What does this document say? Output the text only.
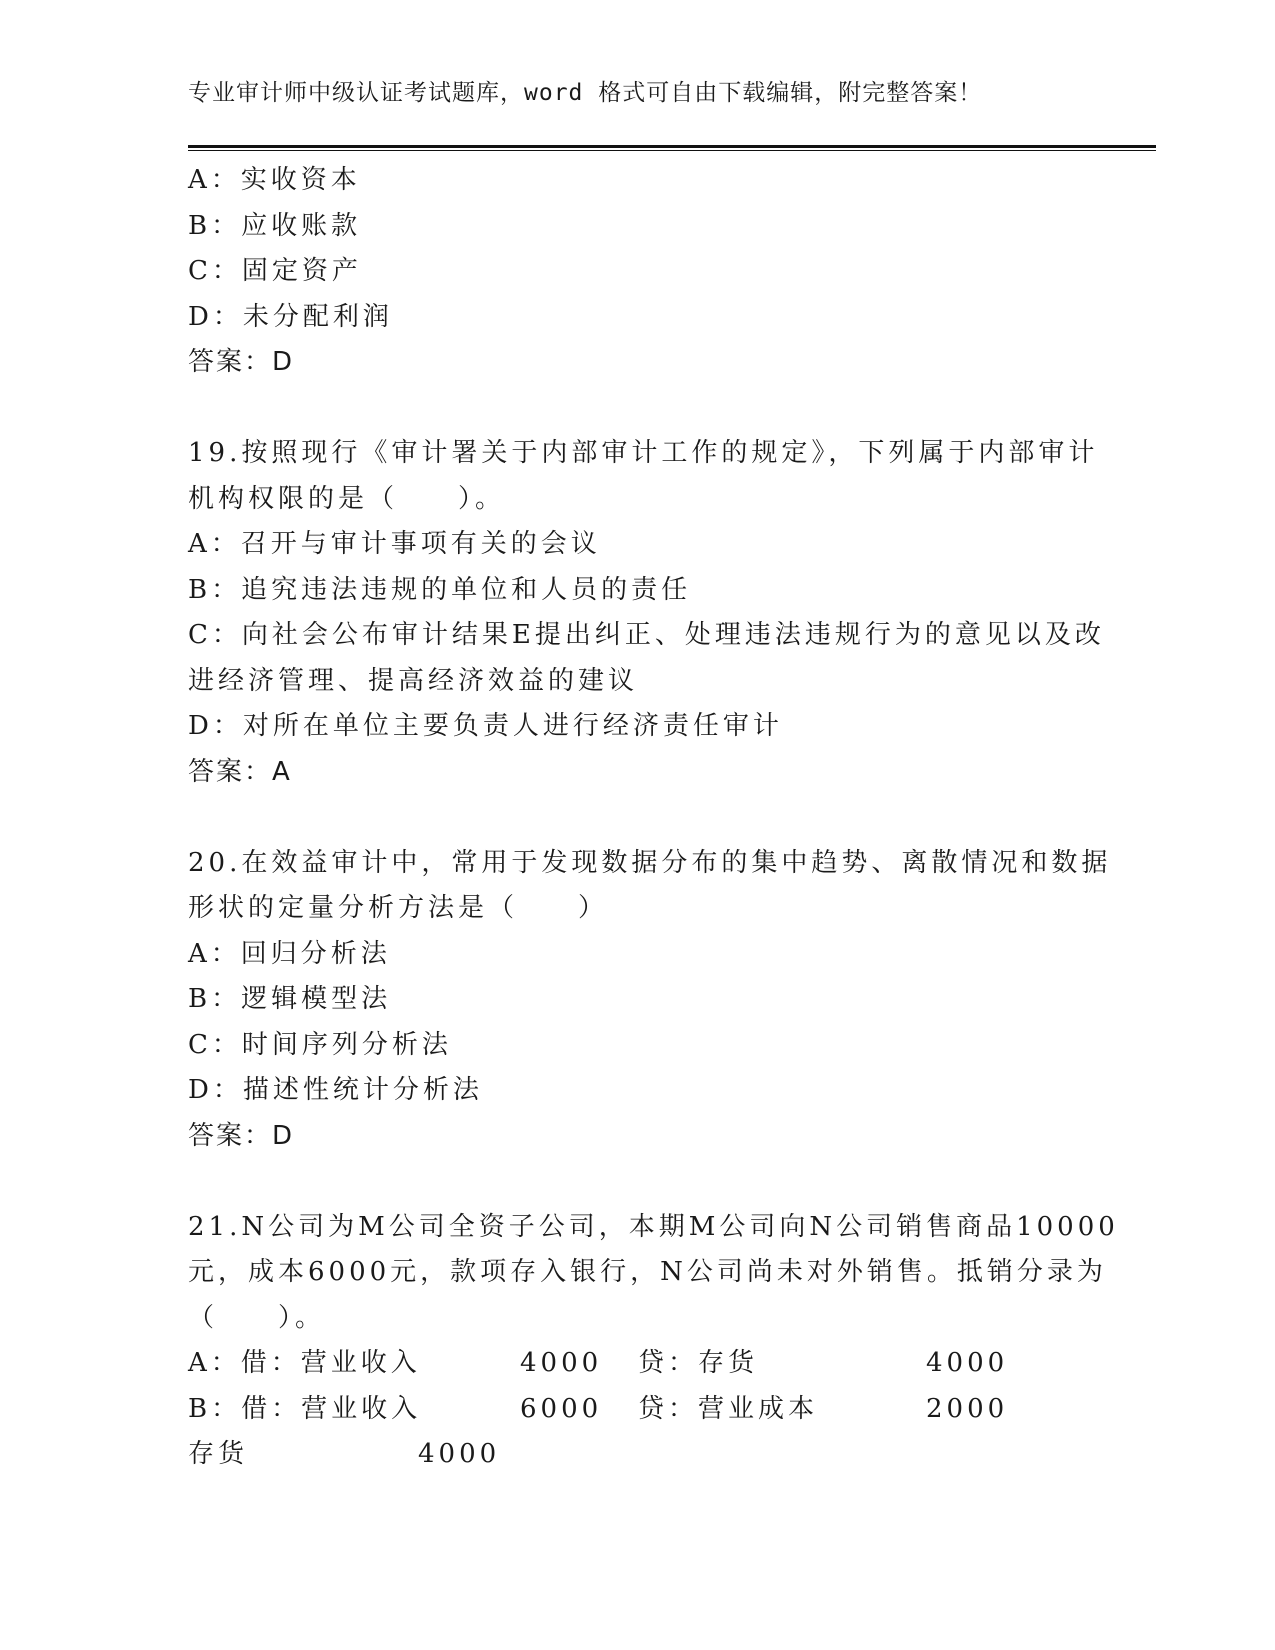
专业审计师中级认证考试题库，word 格式可自由下载编辑，附完整答案！
A：实收资本
B：应收账款
C：固定资产
D：未分配利润
答案：D
19.按照现行《审计署关于内部审计工作的规定》，下列属于内部审计
机构权限的是（　　）。
A：召开与审计事项有关的会议
B：追究违法违规的单位和人员的责任
C：向社会公布审计结果E提出纠正、处理违法违规行为的意见以及改
进经济管理、提高经济效益的建议
D：对所在单位主要负责人进行经济责任审计
答案：A
20.在效益审计中，常用于发现数据分布的集中趋势、离散情况和数据
形状的定量分析方法是（　　）
A：回归分析法
B：逻辑模型法
C：时间序列分析法
D：描述性统计分析法
答案：D
21.N公司为M公司全资子公司，本期M公司向N公司销售商品10000
元，成本6000元，款项存入银行，N公司尚未对外销售。抵销分录为
（　　）。
A：借：营业收入	4000	贷：存货	4000
B：借：营业收入	6000	贷：营业成本	2000
存货	4000
